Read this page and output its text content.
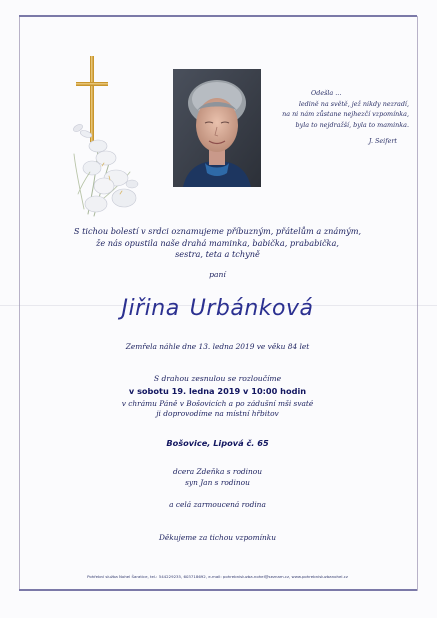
Odešla ...
ledině na světě, jež nikdy nezradí,
na ni nám zůstane nejhezčí vzpomínka,
byla to nejdražší, byla to maminka.
J. Seifert
S tichou bolestí v srdci oznamujeme příbuzným, přátelům a známým,
že nás opustila naše drahá maminka, babička, prababička,
sestra, teta a tchyně
paní
Jiřina Urbánková
Zemřela náhle dne 13. ledna 2019 ve věku 84 let
S drahou zesnulou se rozloučíme
v sobotu 19. ledna 2019 v 10:00 hodin
v chrámu Páně v Bošovicích a po zádušní mši svaté
ji doprovodíme na místní hřbitov
Bošovice, Lipová č. 65
dcera Zdeňka s rodinou
syn Jan s rodinou
a celá zarmoucená rodina
Děkujeme za tichou vzpomínku
Pohřební služba Nohel Šaratice, tel.: 544229235, 603718692, e-mail: pohrebnisluzba.nohel@seznam.cz, www.pohrebnisluzbanohel.cz
